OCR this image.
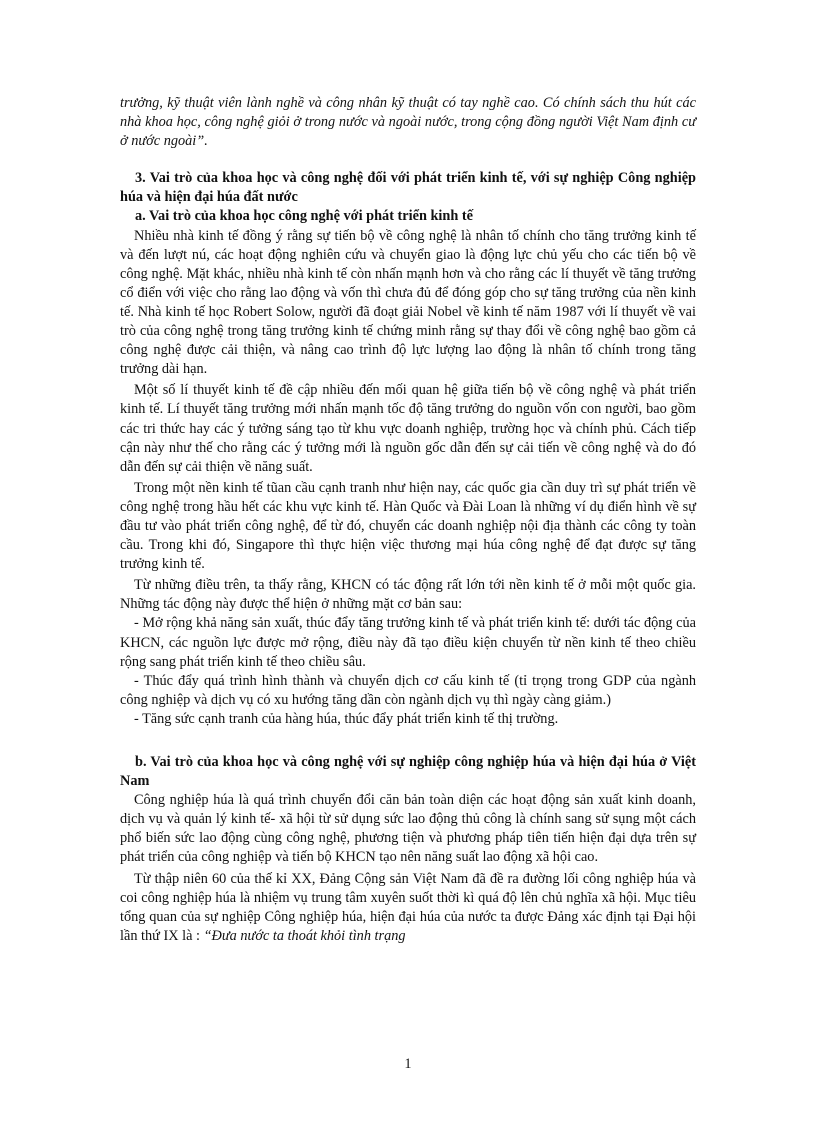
trưởng, kỹ thuật viên lành nghề và công nhân kỹ thuật có tay nghề cao. Có chính sách thu hút các nhà khoa học, công nghệ giỏi ở trong nước và ngoài nước, trong cộng đồng người Việt Nam định cư ở nước ngoài”.

3. Vai trò của khoa học và công nghệ đối với phát triển kinh tế, với sự nghiệp Công nghiệp húa và hiện đại húa đất nước

a. Vai trò của khoa học công nghệ với phát triển kinh tế

Nhiều nhà kinh tế đồng ý rằng sự tiến bộ về công nghệ là nhân tố chính cho tăng trưởng kinh tế và đến lượt nú, các hoạt động nghiên cứu và chuyển giao là động lực chủ yếu cho các tiến bộ về công nghệ. Mặt khác, nhiều nhà kinh tế còn nhấn mạnh hơn và cho rằng các lí thuyết về tăng trưởng cổ điển với việc cho rằng lao động và vốn thì chưa đủ để đóng góp cho sự tăng trưởng của nền kinh tế. Nhà kinh tế học Robert Solow, người đã đoạt giải Nobel về kinh tế năm 1987 với lí thuyết về vai trò của công nghệ trong tăng trưởng kinh tế chứng minh rằng sự thay đổi về công nghệ bao gồm cả công nghệ được cải thiện, và nâng cao trình độ lực lượng lao động là nhân tố chính trong tăng trưởng dài hạn.

Một số lí thuyết kinh tế đề cập nhiều đến mối quan hệ giữa tiến bộ về công nghệ và phát triển kinh tế. Lí thuyết tăng trưởng mới nhấn mạnh tốc độ tăng trưởng do nguồn vốn con người, bao gồm các tri thức hay các ý tưởng sáng tạo từ khu vực doanh nghiệp, trường học và chính phủ. Cách tiếp cận này như thế cho rằng các ý tưởng mới là nguồn gốc dẫn đến sự cải tiến về công nghệ và do đó dẫn đến sự cải thiện về năng suất.

Trong một nền kinh tế tũan cầu cạnh tranh như hiện nay, các quốc gia cần duy trì sự phát triển về công nghệ trong hầu hết các khu vực kinh tế. Hàn Quốc và Đài Loan là những ví dụ điển hình về sự đầu tư vào phát triển công nghệ, để từ đó, chuyển các doanh nghiệp nội địa thành các công ty toàn cầu. Trong khi đó, Singapore thì thực hiện việc thương mại húa công nghệ để đạt được sự tăng trưởng kinh tế.

Từ những điều trên, ta thấy rằng, KHCN có tác động rất lớn tới nền kinh tế ở mỗi một quốc gia. Những tác động này được thể hiện ở những mặt cơ bản sau:

- Mở rộng khả năng sản xuất, thúc đẩy tăng trưởng kinh tế và phát triển kinh tế: dưới tác động của KHCN, các nguồn lực được mở rộng, điều này đã tạo điều kiện chuyển từ nền kinh tế theo chiều rộng sang phát triển kinh tế theo chiều sâu.

- Thúc đẩy quá trình hình thành và chuyển dịch cơ cấu kinh tế (tỉ trọng trong GDP của ngành công nghiệp và dịch vụ có xu hướng tăng dần còn ngành dịch vụ thì ngày càng giảm.)

- Tăng sức cạnh tranh của hàng húa, thúc đẩy phát triển kinh tế thị trường.

b. Vai trò của khoa học và công nghệ với sự nghiệp công nghiệp húa và hiện đại húa ở Việt Nam

Công nghiệp húa là quá trình chuyển đổi căn bản toàn diện các hoạt động sản xuất kinh doanh, dịch vụ và quản lý kinh tế- xã hội từ sử dụng sức lao động thủ công là chính sang sử sụng một cách phổ biến sức lao động cùng công nghệ, phương tiện và phương pháp tiên tiến hiện đại dựa trên sự phát triển của công nghiệp và tiến bộ KHCN tạo nên năng suất lao động xã hội cao.

Từ thập niên 60 của thế kỉ XX, Đảng Cộng sản Việt Nam đã đề ra đường lối công nghiệp húa và coi công nghiệp húa là nhiệm vụ trung tâm xuyên suốt thời kì quá độ lên chủ nghĩa xã hội. Mục tiêu tổng quan của sự nghiệp Công nghiệp húa, hiện đại húa của nước ta được Đảng xác định tại Đại hội lần thứ IX là : “Đưa nước ta thoát khỏi tình trạng

1
